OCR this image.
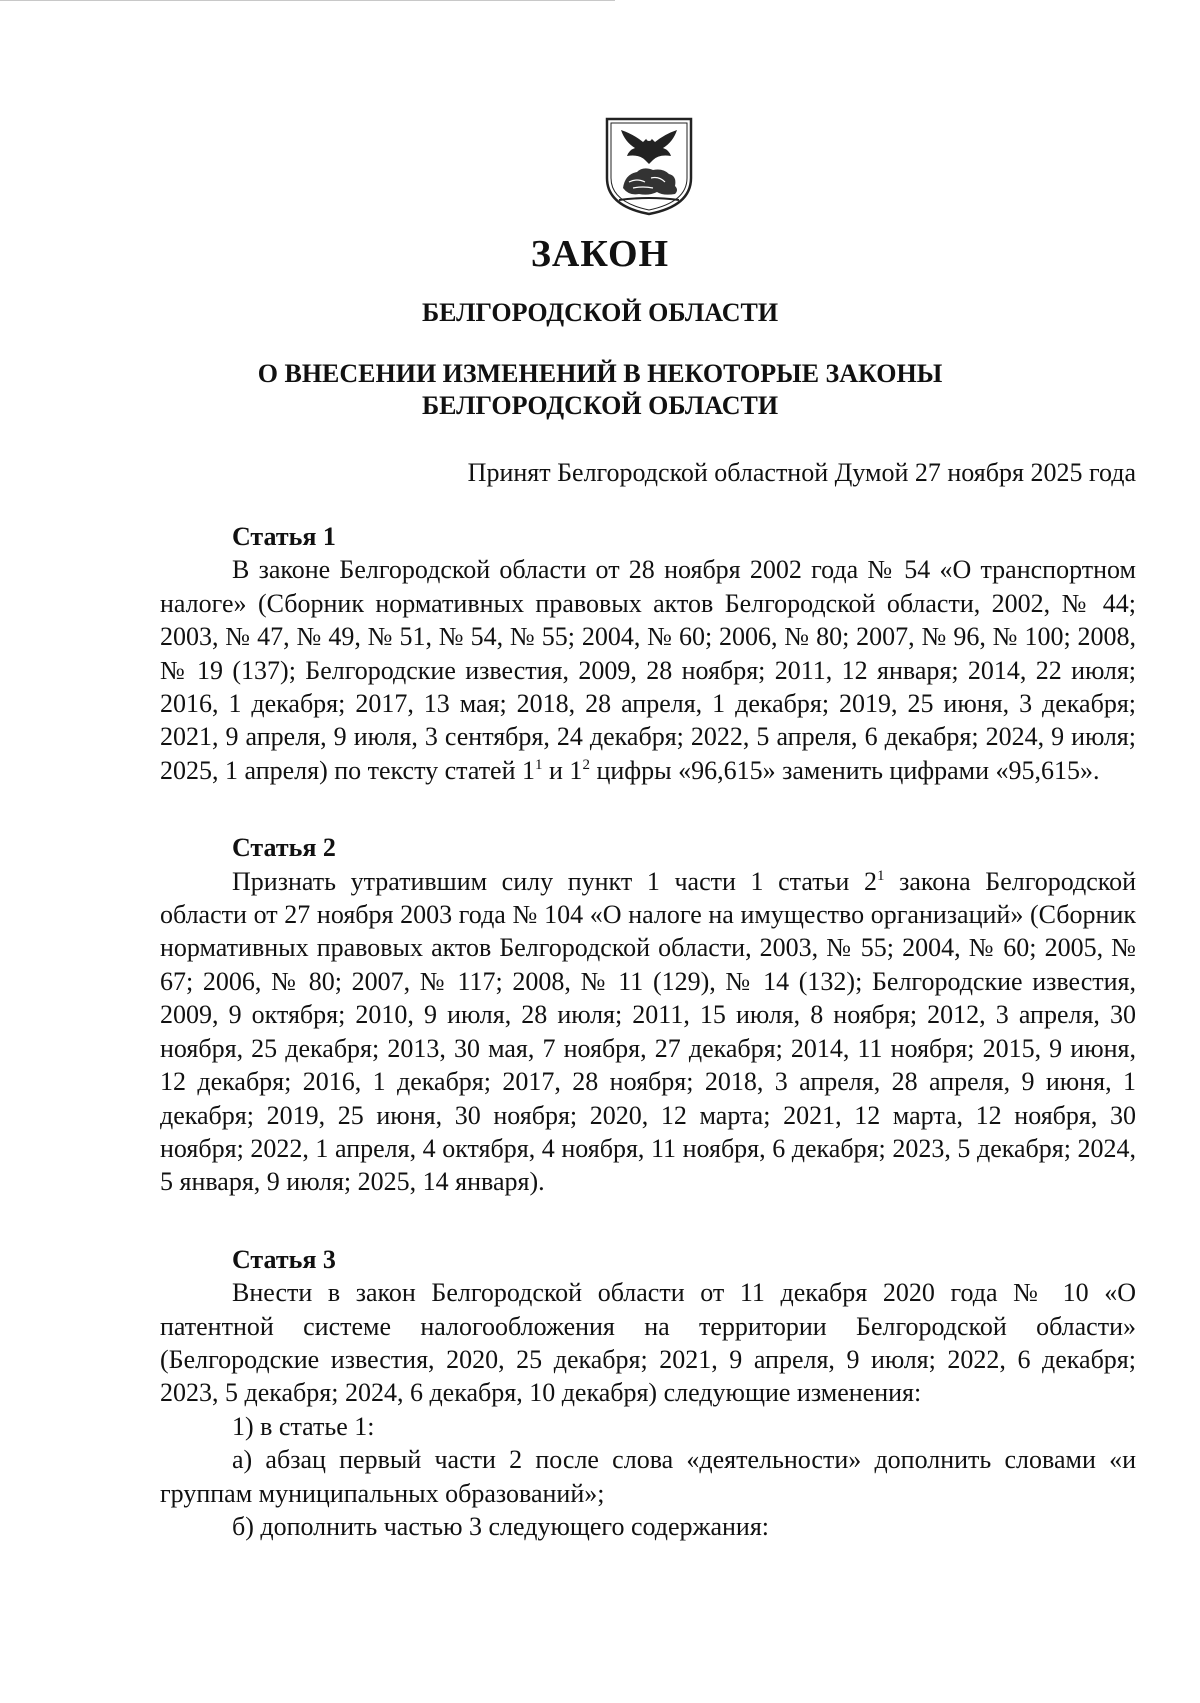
ЗАКОН
БЕЛГОРОДСКОЙ ОБЛАСТИ
О ВНЕСЕНИИ ИЗМЕНЕНИЙ В НЕКОТОРЫЕ ЗАКОНЫ
БЕЛГОРОДСКОЙ ОБЛАСТИ
Принят Белгородской областной Думой 27 ноября 2025 года

Статья 1

В законе Белгородской области от 28 ноября 2002 года № 54 «О транспортном налоге» (Сборник нормативных правовых актов Белгородской области, 2002, № 44; 2003, № 47, № 49, № 51, № 54, № 55; 2004, № 60; 2006, № 80; 2007, № 96, № 100; 2008, № 19 (137); Белгородские известия, 2009, 28 ноября; 2011, 12 января; 2014, 22 июля; 2016, 1 декабря; 2017, 13 мая; 2018, 28 апреля, 1 декабря; 2019, 25 июня, 3 декабря; 2021, 9 апреля, 9 июля, 3 сентября, 24 декабря; 2022, 5 апреля, 6 декабря; 2024, 9 июля; 2025, 1 апреля) по тексту статей $1^1$ и $1^2$ цифры «96,615» заменить цифрами «95,615».

Статья 2

Признать утратившим силу пункт 1 части 1 статьи $2^1$ закона Белгородской области от 27 ноября 2003 года № 104 «О налоге на имущество организаций» (Сборник нормативных правовых актов Белгородской области, 2003, № 55; 2004, № 60; 2005, № 67; 2006, № 80; 2007, № 117; 2008, № 11 (129), № 14 (132); Белгородские известия, 2009, 9 октября; 2010, 9 июля, 28 июля; 2011, 15 июля, 8 ноября; 2012, 3 апреля, 30 ноября, 25 декабря; 2013, 30 мая, 7 ноября, 27 декабря; 2014, 11 ноября; 2015, 9 июня, 12 декабря; 2016, 1 декабря; 2017, 28 ноября; 2018, 3 апреля, 28 апреля, 9 июня, 1 декабря; 2019, 25 июня, 30 ноября; 2020, 12 марта; 2021, 12 марта, 12 ноября, 30 ноября; 2022, 1 апреля, 4 октября, 4 ноября, 11 ноября, 6 декабря; 2023, 5 декабря; 2024, 5 января, 9 июля; 2025, 14 января).

Статья 3

Внести в закон Белгородской области от 11 декабря 2020 года № 10 «О патентной системе налогообложения на территории Белгородской области» (Белгородские известия, 2020, 25 декабря; 2021, 9 апреля, 9 июля; 2022, 6 декабря; 2023, 5 декабря; 2024, 6 декабря, 10 декабря) следующие изменения:

1) в статье 1:

а) абзац первый части 2 после слова «деятельности» дополнить словами «и группам муниципальных образований»;

б) дополнить частью 3 следующего содержания:
